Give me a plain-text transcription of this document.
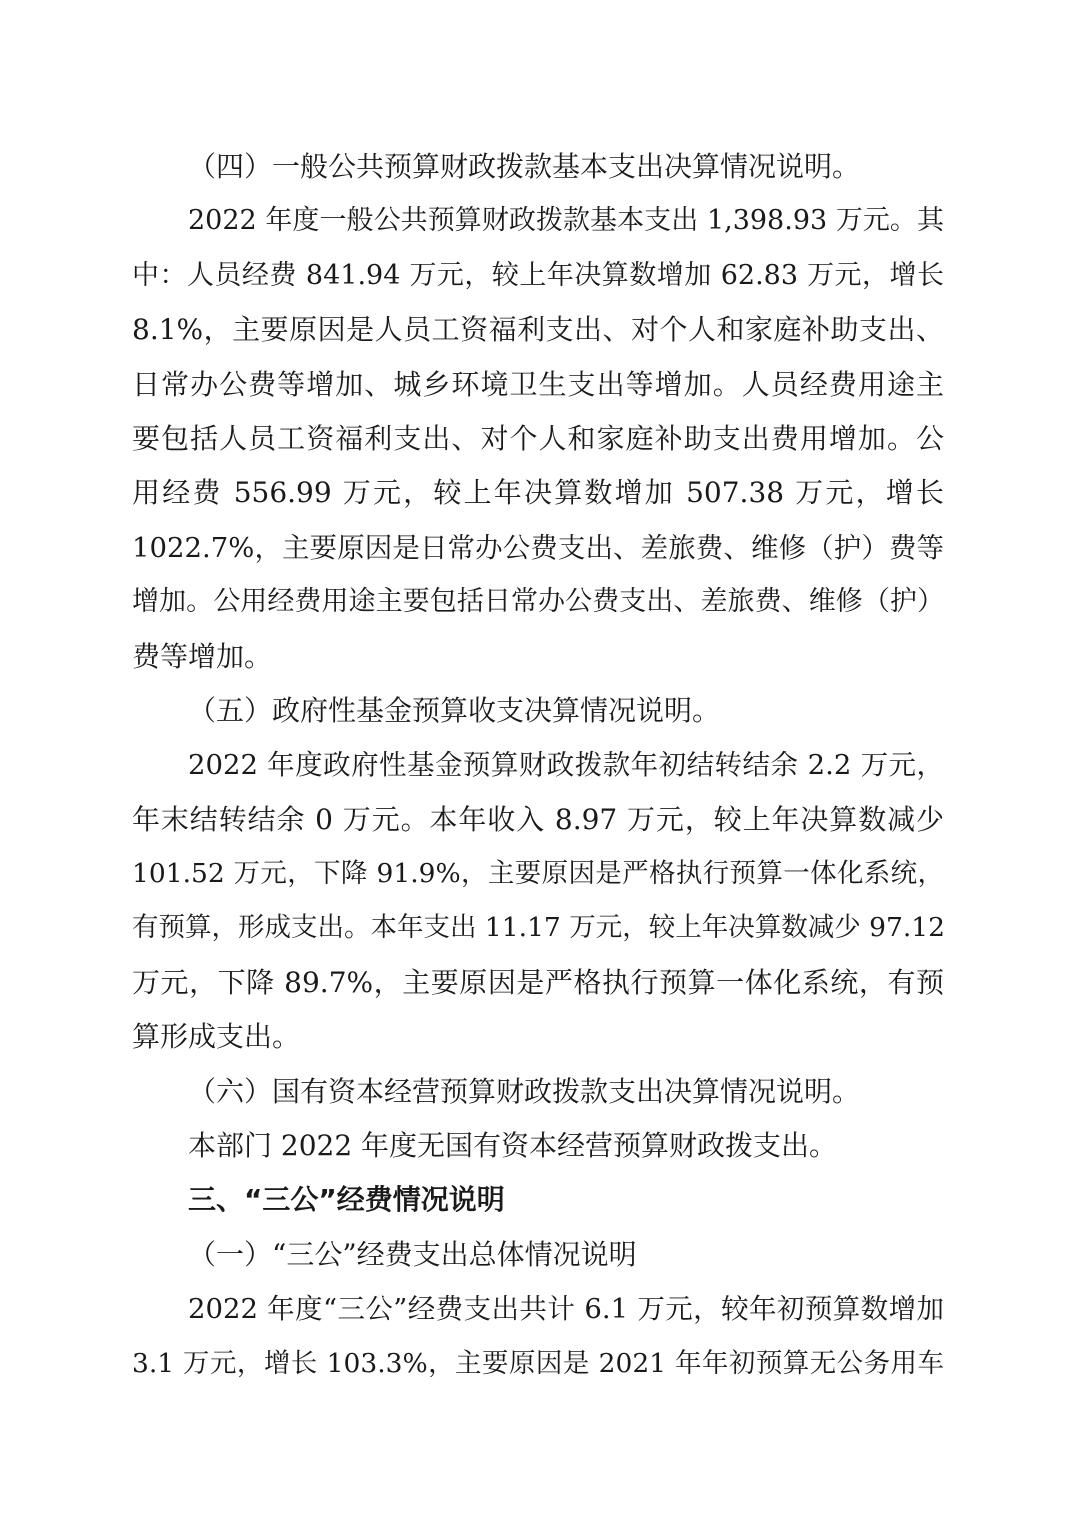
（四）一般公共预算财政拨款基本支出决算情况说明。
2022 年度一般公共预算财政拨款基本支出 1,398.93 万元。其
中：人员经费 841.94 万元，较上年决算数增加 62.83 万元，增长
8.1%，主要原因是人员工资福利支出、对个人和家庭补助支出、
日常办公费等增加、城乡环境卫生支出等增加。人员经费用途主
要包括人员工资福利支出、对个人和家庭补助支出费用增加。公
用经费 556.99 万元，较上年决算数增加 507.38 万元，增长
1022.7%，主要原因是日常办公费支出、差旅费、维修（护）费等
增加。公用经费用途主要包括日常办公费支出、差旅费、维修（护）
费等增加。
（五）政府性基金预算收支决算情况说明。
2022 年度政府性基金预算财政拨款年初结转结余 2.2 万元，
年末结转结余 0 万元。本年收入 8.97 万元，较上年决算数减少
101.52 万元，下降 91.9%，主要原因是严格执行预算一体化系统，
有预算，形成支出。本年支出 11.17 万元，较上年决算数减少 97.12
万元，下降 89.7%，主要原因是严格执行预算一体化系统，有预
算形成支出。
（六）国有资本经营预算财政拨款支出决算情况说明。
本部门 2022 年度无国有资本经营预算财政拨支出。
三、“三公”经费情况说明
（一）“三公”经费支出总体情况说明
2022 年度“三公”经费支出共计 6.1 万元，较年初预算数增加
3.1 万元，增长 103.3%，主要原因是 2021 年年初预算无公务用车
